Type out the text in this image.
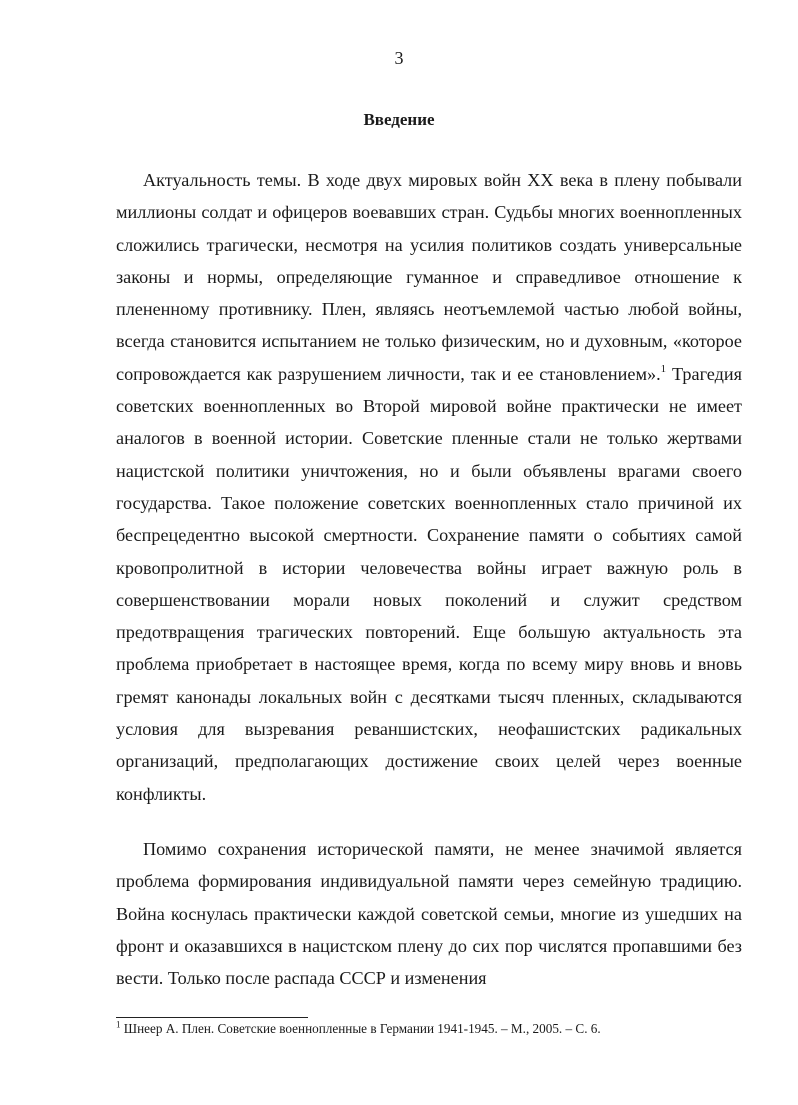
3
Введение

Актуальность темы. В ходе двух мировых войн XX века в плену побывали миллионы солдат и офицеров воевавших стран. Судьбы многих военнопленных сложились трагически, несмотря на усилия политиков создать универсальные законы и нормы, определяющие гуманное и справедливое отношение к плененному противнику. Плен, являясь неотъемлемой частью любой войны, всегда становится испытанием не только физическим, но и духовным, «которое сопровождается как разрушением личности, так и ее становлением».$^1$ Трагедия советских военнопленных во Второй мировой войне практически не имеет аналогов в военной истории. Советские пленные стали не только жертвами нацистской политики уничтожения, но и были объявлены врагами своего государства. Такое положение советских военнопленных стало причиной их беспрецедентно высокой смертности. Сохранение памяти о событиях самой кровопролитной в истории человечества войны играет важную роль в совершенствовании морали новых поколений и служит средством предотвращения трагических повторений. Еще большую актуальность эта проблема приобретает в настоящее время, когда по всему миру вновь и вновь гремят канонады локальных войн с десятками тысяч пленных, складываются условия для вызревания реваншистских, неофашистских радикальных организаций, предполагающих достижение своих целей через военные конфликты.

Помимо сохранения исторической памяти, не менее значимой является проблема формирования индивидуальной памяти через семейную традицию. Война коснулась практически каждой советской семьи, многие из ушедших на фронт и оказавшихся в нацистском плену до сих пор числятся пропавшими без вести. Только после распада СССР и изменения

$^1$ Шнеер А. Плен. Советские военнопленные в Германии 1941-1945. – М., 2005. – С. 6.
